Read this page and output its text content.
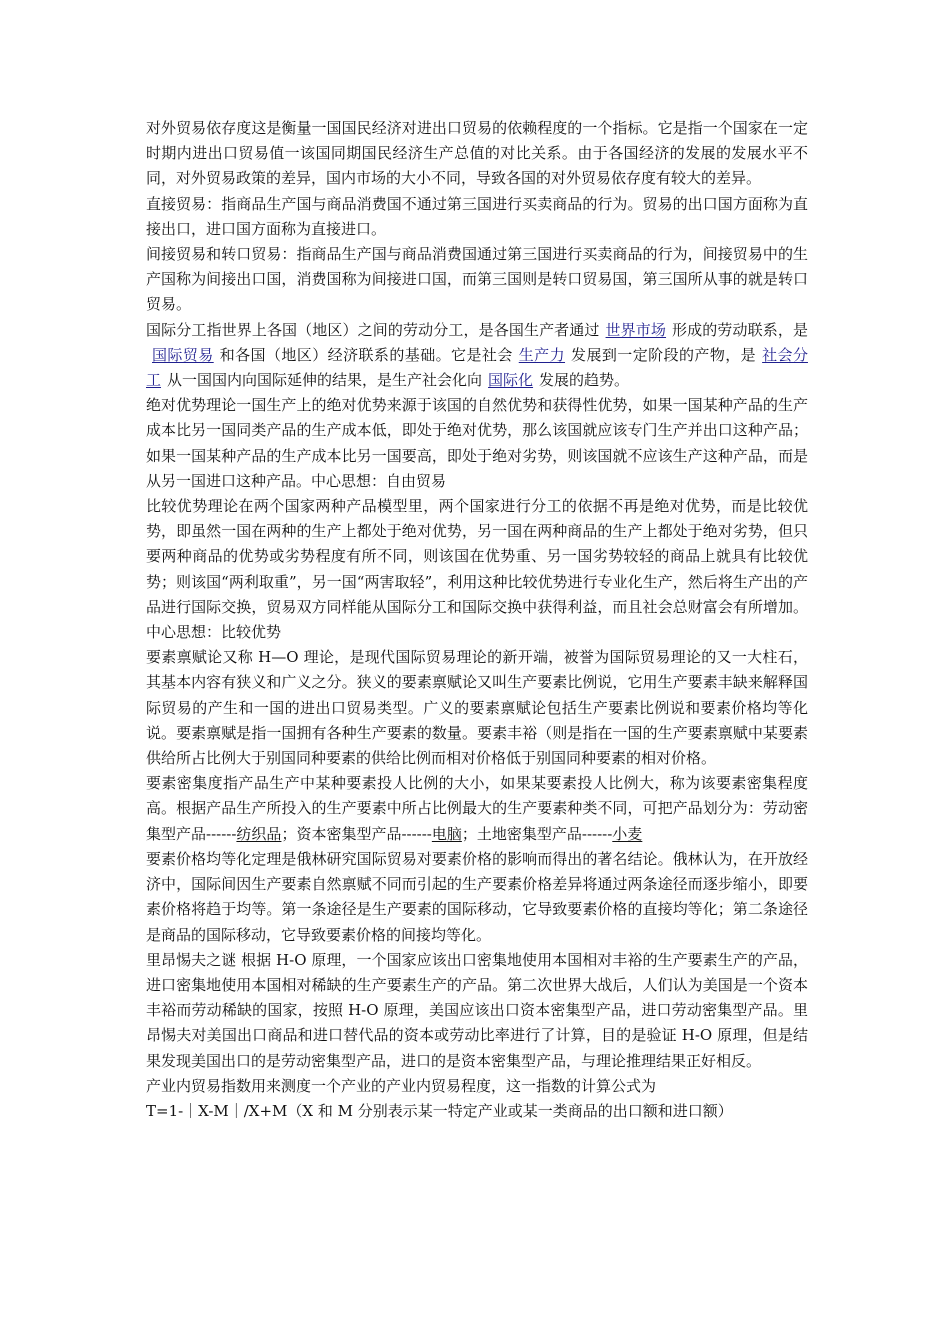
对外贸易依存度这是衡量一国国民经济对进出口贸易的依赖程度的一个指标。它是指一个国家在一定时期内进出口贸易值一该国同期国民经济生产总值的对比关系。由于各国经济的发展的发展水平不同，对外贸易政策的差异，国内市场的大小不同，导致各国的对外贸易依存度有较大的差异。

直接贸易：指商品生产国与商品消费国不通过第三国进行买卖商品的行为。贸易的出口国方面称为直接出口，进口国方面称为直接进口。

间接贸易和转口贸易：指商品生产国与商品消费国通过第三国进行买卖商品的行为，间接贸易中的生产国称为间接出口国，消费国称为间接进口国，而第三国则是转口贸易国，第三国所从事的就是转口贸易。

国际分工指世界上各国（地区）之间的劳动分工，是各国生产者通过 世界市场 形成的劳动联系，是国际贸易 和各国（地区）经济联系的基础。它是社会 生产力 发展到一定阶段的产物，是 社会分工 从一国国内向国际延伸的结果，是生产社会化向 国际化 发展的趋势。

绝对优势理论一国生产上的绝对优势来源于该国的自然优势和获得性优势，如果一国某种产品的生产成本比另一国同类产品的生产成本低，即处于绝对优势，那么该国就应该专门生产并出口这种产品；如果一国某种产品的生产成本比另一国要高，即处于绝对劣势，则该国就不应该生产这种产品，而是从另一国进口这种产品。中心思想：自由贸易

比较优势理论在两个国家两种产品模型里，两个国家进行分工的依据不再是绝对优势，而是比较优势，即虽然一国在两种的生产上都处于绝对优势，另一国在两种商品的生产上都处于绝对劣势，但只要两种商品的优势或劣势程度有所不同，则该国在优势重、另一国劣势较轻的商品上就具有比较优势；则该国“两利取重”，另一国“两害取轻”，利用这种比较优势进行专业化生产，然后将生产出的产品进行国际交换，贸易双方同样能从国际分工和国际交换中获得利益，而且社会总财富会有所增加。中心思想：比较优势

要素禀赋论又称 H—O 理论，是现代国际贸易理论的新开端，被誉为国际贸易理论的又一大柱石，其基本内容有狭义和广义之分。狭义的要素禀赋论又叫生产要素比例说，它用生产要素丰缺来解释国际贸易的产生和一国的进出口贸易类型。广义的要素禀赋论包括生产要素比例说和要素价格均等化说。要素禀赋是指一国拥有各种生产要素的数量。要素丰裕（则是指在一国的生产要素禀赋中某要素供给所占比例大于别国同种要素的供给比例而相对价格低于别国同种要素的相对价格。

要素密集度指产品生产中某种要素投人比例的大小，如果某要素投人比例大，称为该要素密集程度高。根据产品生产所投入的生产要素中所占比例最大的生产要素种类不同，可把产品划分为：劳动密集型产品------纺织品；资本密集型产品------电脑；土地密集型产品------小麦

要素价格均等化定理是俄林研究国际贸易对要素价格的影响而得出的著名结论。俄林认为，在开放经济中，国际间因生产要素自然禀赋不同而引起的生产要素价格差异将通过两条途径而逐步缩小，即要素价格将趋于均等。第一条途径是生产要素的国际移动，它导致要素价格的直接均等化；第二条途径是商品的国际移动，它导致要素价格的间接均等化。

里昂惕夫之谜 根据 H-O 原理，一个国家应该出口密集地使用本国相对丰裕的生产要素生产的产品，进口密集地使用本国相对稀缺的生产要素生产的产品。第二次世界大战后，人们认为美国是一个资本丰裕而劳动稀缺的国家，按照 H-O 原理，美国应该出口资本密集型产品，进口劳动密集型产品。里昂惕夫对美国出口商品和进口替代品的资本或劳动比率进行了计算，目的是验证 H-O 原理，但是结果发现美国出口的是劳动密集型产品，进口的是资本密集型产品，与理论推理结果正好相反。

产业内贸易指数用来测度一个产业的产业内贸易程度，这一指数的计算公式为

T=1-｜X-M｜/X+M（X 和 M 分别表示某一特定产业或某一类商品的出口额和进口额）
